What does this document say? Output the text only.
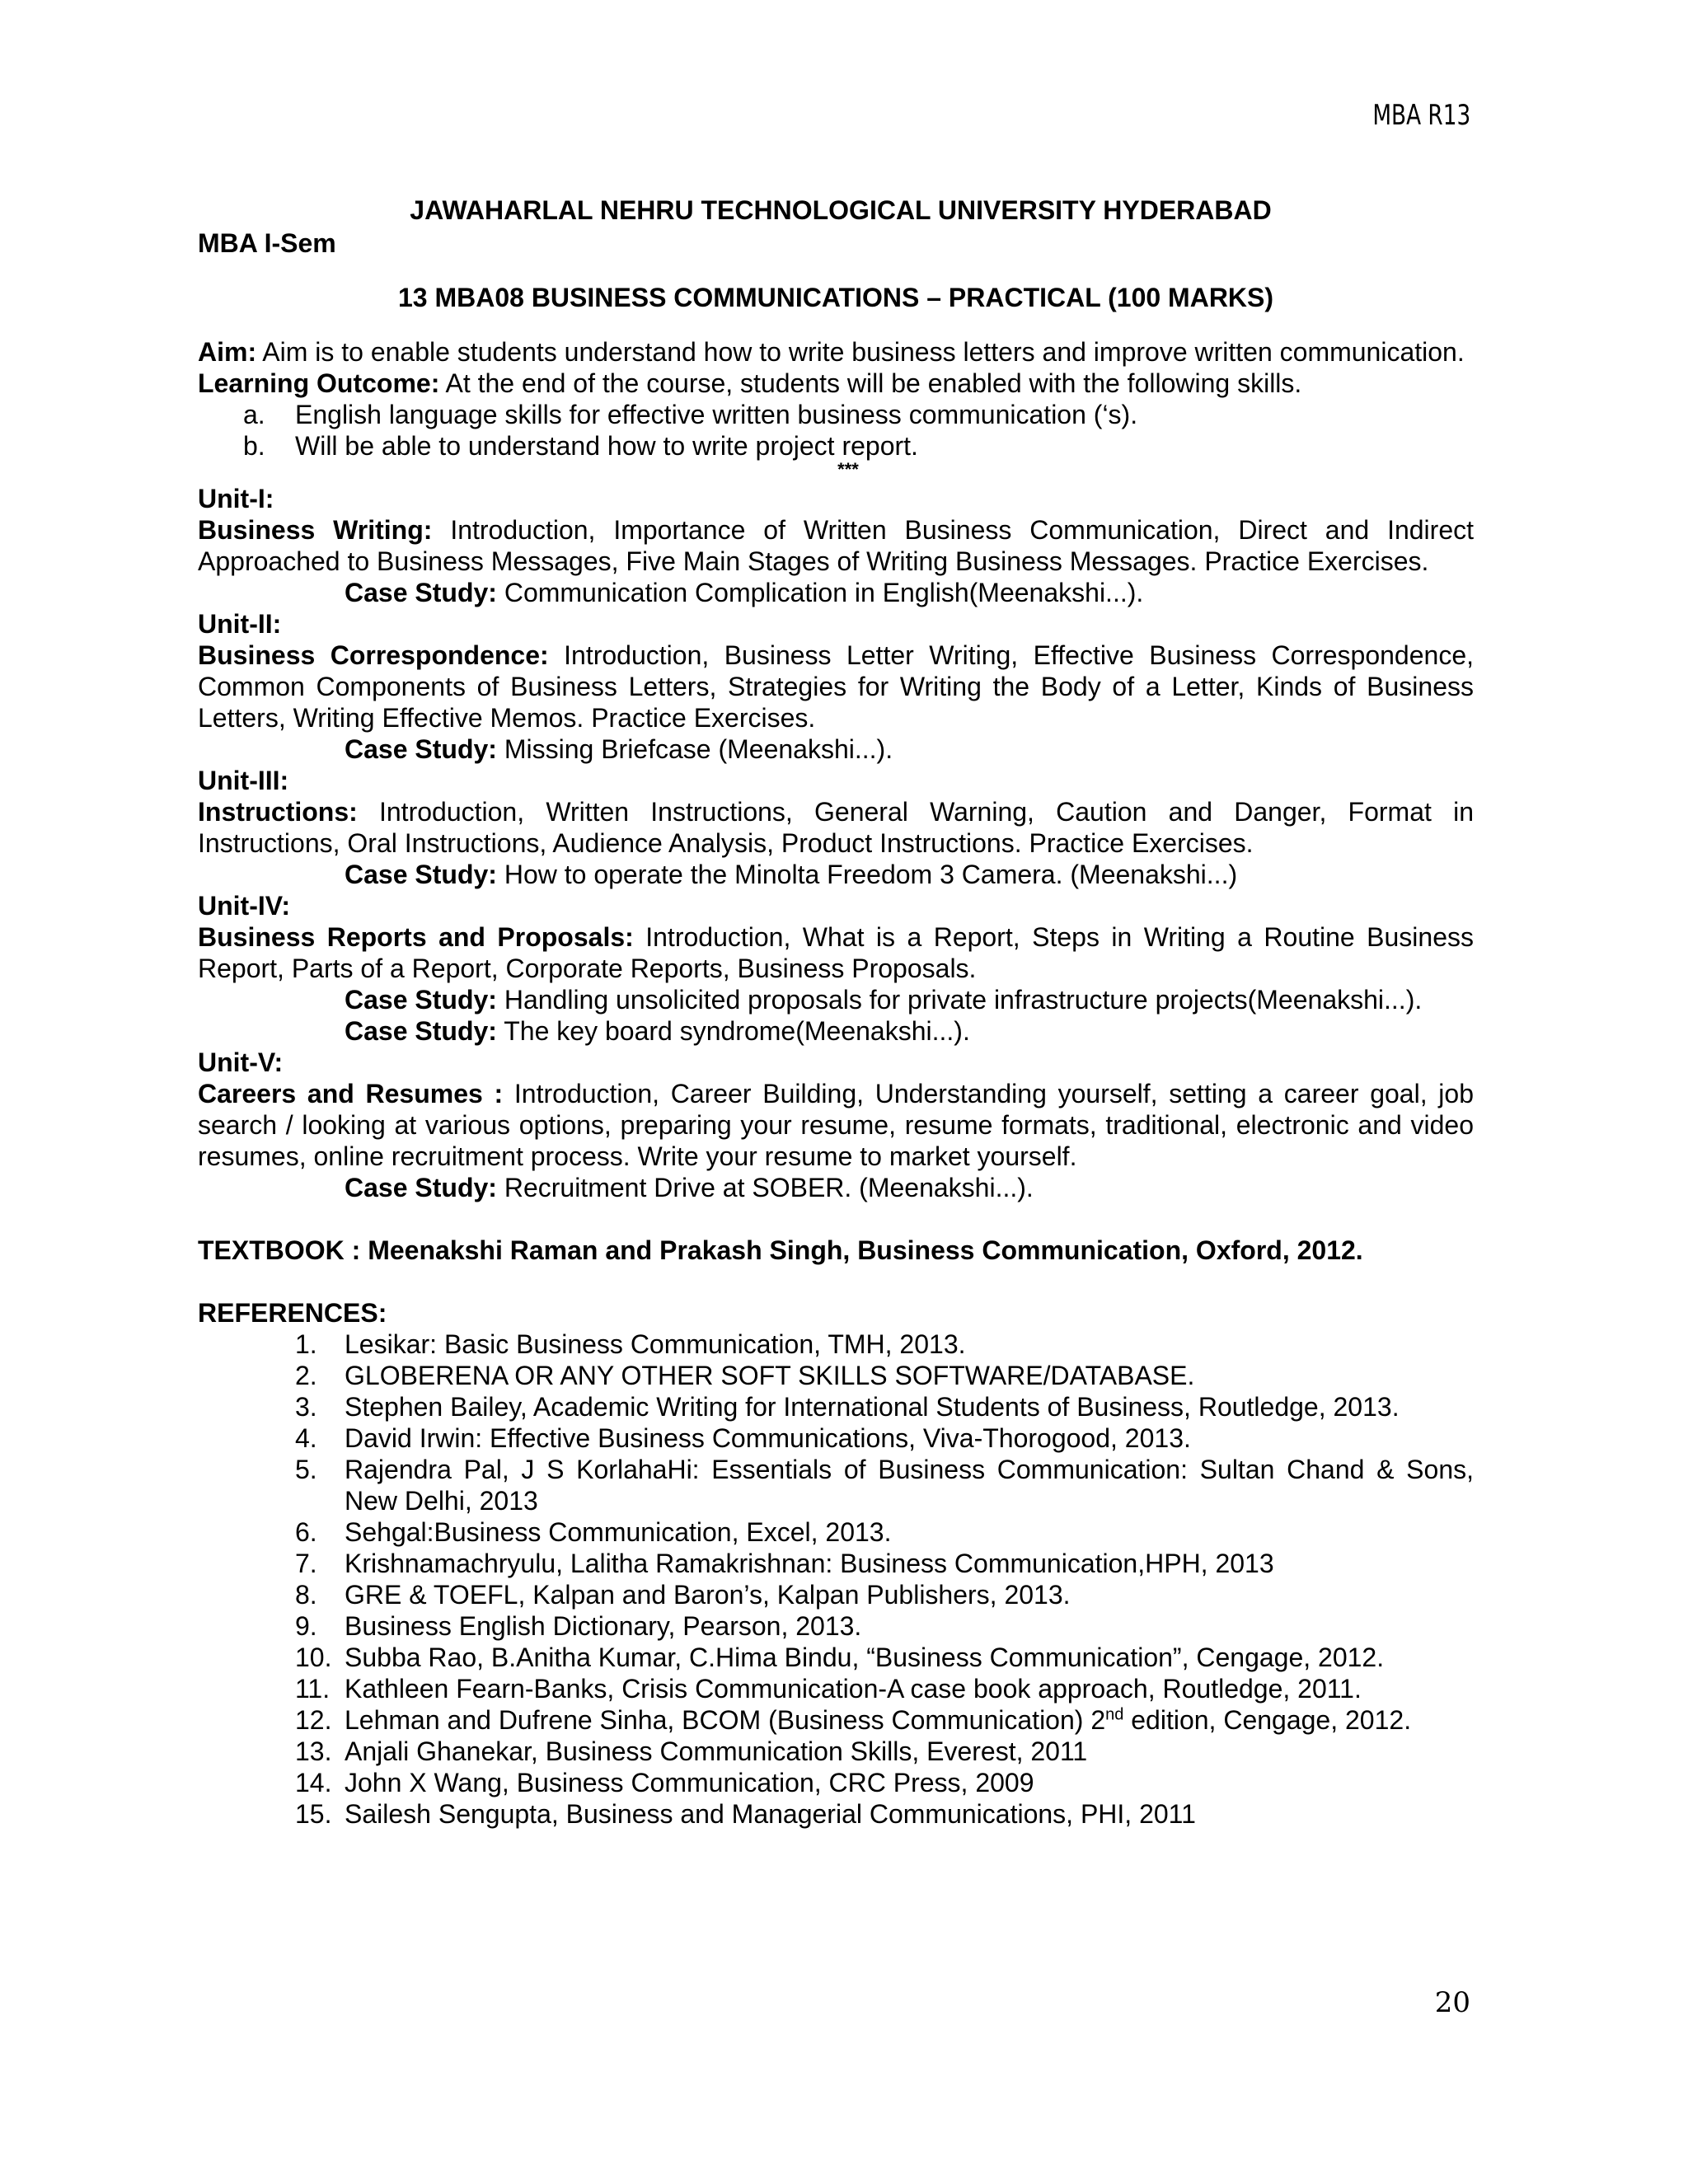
MBA R13
JAWAHARLAL NEHRU TECHNOLOGICAL UNIVERSITY HYDERABAD
MBA I-Sem
13 MBA08 BUSINESS COMMUNICATIONS – PRACTICAL (100 MARKS)
Aim: Aim is to enable students understand how to write business letters and improve written communication.
Learning Outcome: At the end of the course, students will be enabled with the following skills.
a. English language skills for effective written business communication (‘s).
b. Will be able to understand how to write project report.
***
Unit-I:
Business Writing: Introduction, Importance of Written Business Communication, Direct and Indirect Approached to Business Messages, Five Main Stages of Writing Business Messages. Practice Exercises.
Case Study: Communication Complication in English(Meenakshi...).
Unit-II:
Business Correspondence: Introduction, Business Letter Writing, Effective Business Correspondence, Common Components of Business Letters, Strategies for Writing the Body of a Letter, Kinds of Business Letters, Writing Effective Memos. Practice Exercises.
Case Study: Missing Briefcase (Meenakshi...).
Unit-III:
Instructions: Introduction, Written Instructions, General Warning, Caution and Danger, Format in Instructions, Oral Instructions, Audience Analysis, Product Instructions. Practice Exercises.
Case Study: How to operate the Minolta Freedom 3 Camera. (Meenakshi...)
Unit-IV:
Business Reports and Proposals: Introduction, What is a Report, Steps in Writing a Routine Business Report, Parts of a Report, Corporate Reports, Business Proposals.
Case Study: Handling unsolicited proposals for private infrastructure projects(Meenakshi...).
Case Study: The key board syndrome(Meenakshi...).
Unit-V:
Careers and Resumes : Introduction, Career Building, Understanding yourself, setting a career goal, job search / looking at various options, preparing your resume, resume formats, traditional, electronic and video resumes, online recruitment process. Write your resume to market yourself.
Case Study: Recruitment Drive at SOBER. (Meenakshi...).
TEXTBOOK : Meenakshi Raman and Prakash Singh, Business Communication, Oxford, 2012.
REFERENCES:
1.	Lesikar: Basic Business Communication, TMH, 2013.
2.	GLOBERENA OR ANY OTHER SOFT SKILLS SOFTWARE/DATABASE.
3.	Stephen Bailey, Academic Writing for International Students of Business, Routledge, 2013.
4.	David Irwin: Effective Business Communications, Viva-Thorogood, 2013.
5.	Rajendra Pal, J S KorlahaHi: Essentials of Business Communication: Sultan Chand & Sons, New Delhi, 2013
6.	Sehgal:Business Communication, Excel, 2013.
7.	Krishnamachryulu, Lalitha Ramakrishnan: Business Communication,HPH, 2013
8.	GRE & TOEFL, Kalpan and Baron’s, Kalpan Publishers, 2013.
9.	Business English Dictionary, Pearson, 2013.
10. Subba Rao, B.Anitha Kumar, C.Hima Bindu, “Business Communication”, Cengage, 2012.
11. Kathleen Fearn-Banks, Crisis Communication-A case book approach, Routledge, 2011.
12. Lehman and Dufrene Sinha, BCOM (Business Communication) 2nd edition, Cengage, 2012.
13. Anjali Ghanekar, Business Communication Skills, Everest, 2011
14. John X Wang, Business Communication, CRC Press, 2009
15. Sailesh Sengupta, Business and Managerial Communications, PHI, 2011
20
